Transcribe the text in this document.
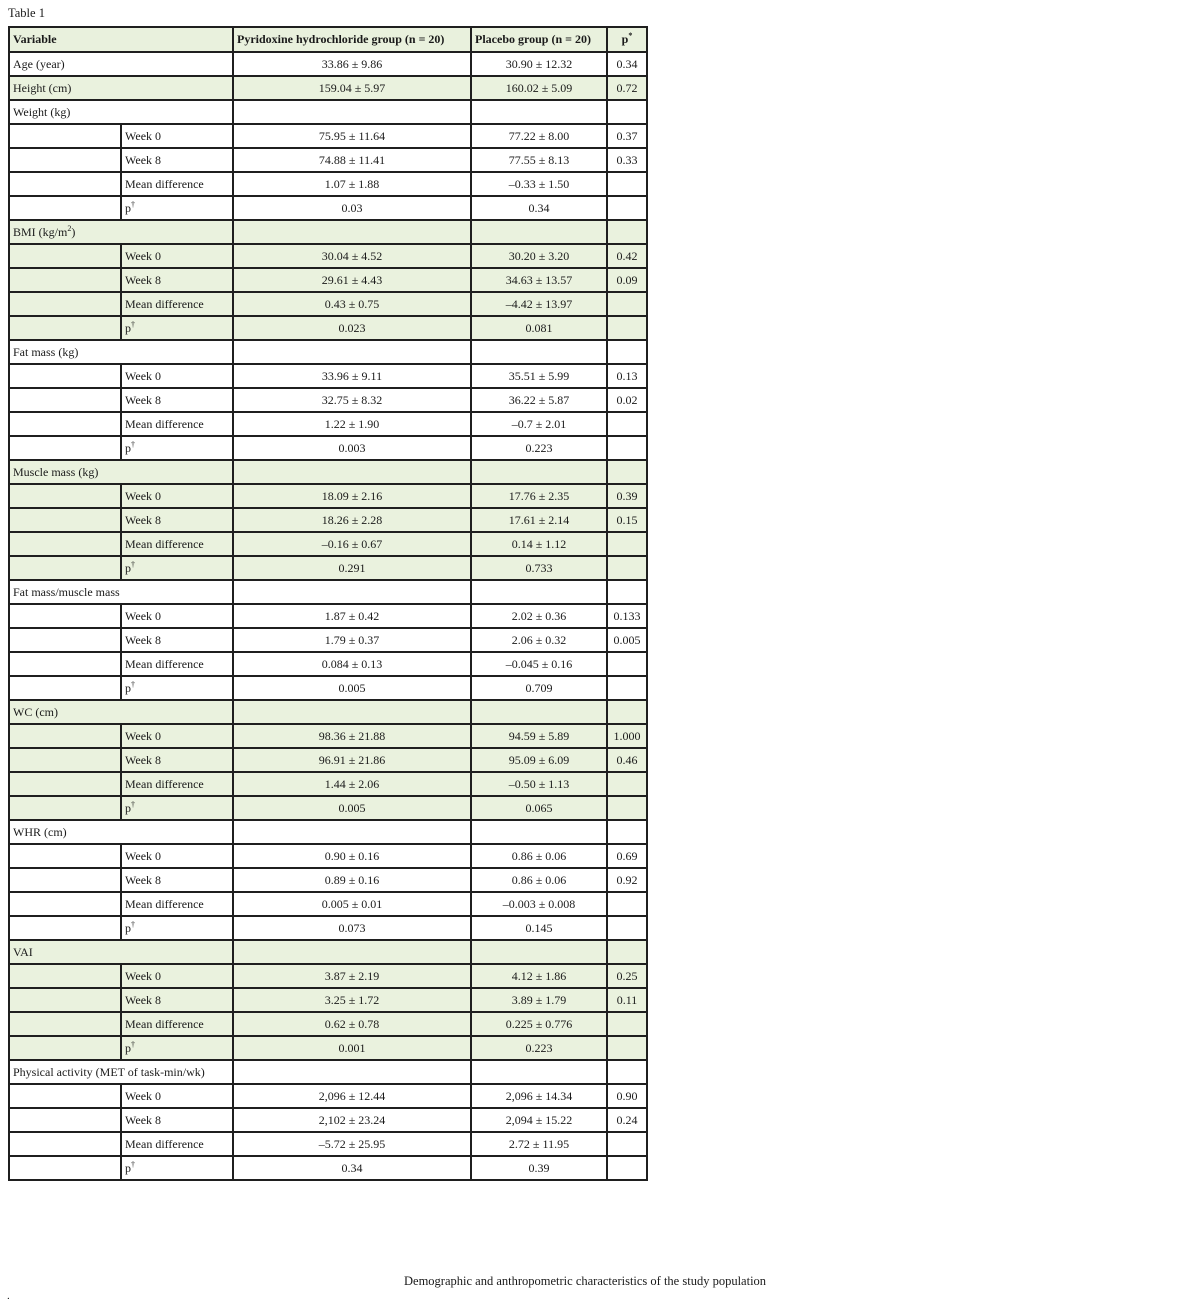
Table 1
Variable		Pyridoxine hydrochloride group (n = 20)	Placebo group (n = 20)	p*
Age (year)		33.86 ± 9.86	30.90 ± 12.32	0.34
Height (cm)		159.04 ± 5.97	160.02 ± 5.09	0.72
Weight (kg)				
	Week 0	75.95 ± 11.64	77.22 ± 8.00	0.37
	Week 8	74.88 ± 11.41	77.55 ± 8.13	0.33
	Mean difference	1.07 ± 1.88	–0.33 ± 1.50	
	p†	0.03	0.34	
BMI $(kg/m^2)$				
	Week 0	30.04 ± 4.52	30.20 ± 3.20	0.42
	Week 8	29.61 ± 4.43	34.63 ± 13.57	0.09
	Mean difference	0.43 ± 0.75	–4.42 ± 13.97	
	p†	0.023	0.081	
Fat mass (kg)				
	Week 0	33.96 ± 9.11	35.51 ± 5.99	0.13
	Week 8	32.75 ± 8.32	36.22 ± 5.87	0.02
	Mean difference	1.22 ± 1.90	–0.7 ± 2.01	
	p†	0.003	0.223	
Muscle mass (kg)				
	Week 0	18.09 ± 2.16	17.76 ± 2.35	0.39
	Week 8	18.26 ± 2.28	17.61 ± 2.14	0.15
	Mean difference	–0.16 ± 0.67	0.14 ± 1.12	
	p†	0.291	0.733	
Fat mass/muscle mass				
	Week 0	1.87 ± 0.42	2.02 ± 0.36	0.133
	Week 8	1.79 ± 0.37	2.06 ± 0.32	0.005
	Mean difference	0.084 ± 0.13	–0.045 ± 0.16	
	p†	0.005	0.709	
WC (cm)				
	Week 0	98.36 ± 21.88	94.59 ± 5.89	1.000
	Week 8	96.91 ± 21.86	95.09 ± 6.09	0.46
	Mean difference	1.44 ± 2.06	–0.50 ± 1.13	
	p†	0.005	0.065	
WHR (cm)				
	Week 0	0.90 ± 0.16	0.86 ± 0.06	0.69
	Week 8	0.89 ± 0.16	0.86 ± 0.06	0.92
	Mean difference	0.005 ± 0.01	–0.003 ± 0.008	
	p†	0.073	0.145	
VAI				
	Week 0	3.87 ± 2.19	4.12 ± 1.86	0.25
	Week 8	3.25 ± 1.72	3.89 ± 1.79	0.11
	Mean difference	0.62 ± 0.78	0.225 ± 0.776	
	p†	0.001	0.223	
Physical activity (MET of task-min/wk)				
	Week 0	2,096 ± 12.44	2,096 ± 14.34	0.90
	Week 8	2,102 ± 23.24	2,094 ± 15.22	0.24
	Mean difference	–5.72 ± 25.95	2.72 ± 11.95	
	p†	0.34	0.39	
Demographic and anthropometric characteristics of the study population
.
